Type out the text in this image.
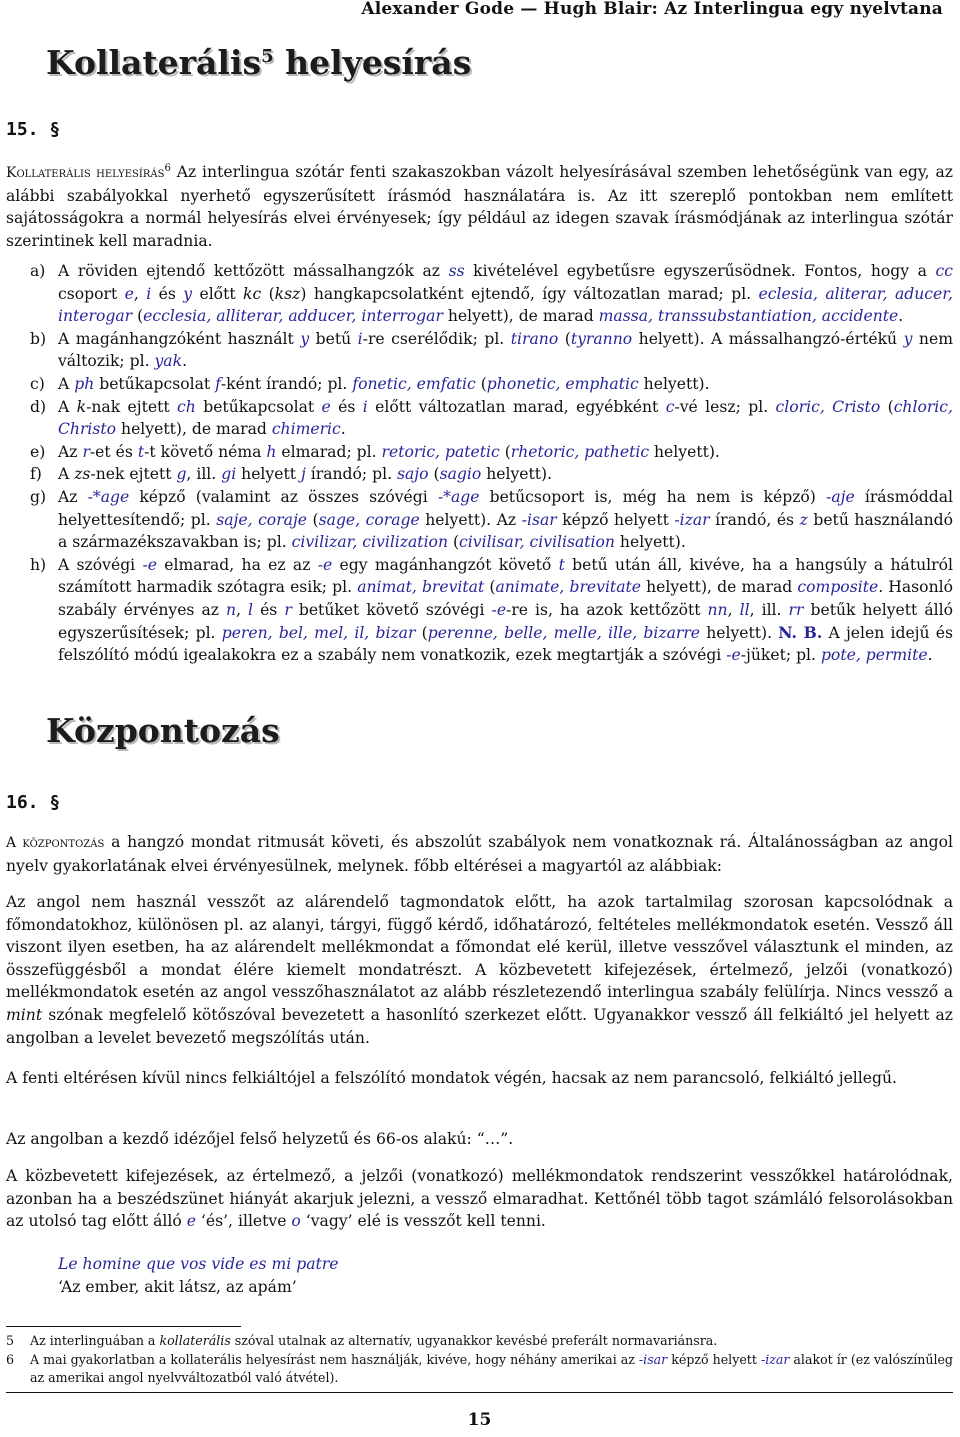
Alexander Gode — Hugh Blair: Az Interlingua egy nyelvtana
Kollaterális$^5$ helyesírás
15. §
Kollaterális helyesírás$^6$ Az interlingua szótár fenti szakaszokban vázolt helyesírásával szemben lehetőségünk van egy, az alábbi szabályokkal nyerhető egyszerűsített írásmód használatára is. Az itt szereplő pontokban nem említett sajátosságokra a normál helyesírás elvei érvényesek; így például az idegen szavak írásmódjának az interlingua szótár szerintinek kell maradnia.
a) A röviden ejtendő kettőzött mássalhangzók az ss kivételével egybetűsre egyszerűsödnek. Fontos, hogy a cc csoport e, i és y előtt kc (ksz) hangkapcsolatként ejtendő, így változatlan marad; pl. eclesia, aliterar, aducer, interogar (ecclesia, alliterar, adducer, interrogar helyett), de marad massa, transsubstantiation, accidente.
b) A magánhangzóként használt y betű i-re cserélődik; pl. tirano (tyranno helyett). A mássalhangzó-értékű y nem változik; pl. yak.
c) A ph betűkapcsolat f-ként írandó; pl. fonetic, emfatic (phonetic, emphatic helyett).
d) A k-nak ejtett ch betűkapcsolat e és i előtt változatlan marad, egyébként c-vé lesz; pl. cloric, Cristo (chloric, Christo helyett), de marad chimeric.
e) Az r-et és t-t követő néma h elmarad; pl. retoric, patetic (rhetoric, pathetic helyett).
f) A zs-nek ejtett g, ill. gi helyett j írandó; pl. sajo (sagio helyett).
g) Az -*age képző (valamint az összes szóvégi -*age betűcsoport is, még ha nem is képző) -aje írásmóddal helyettesítendő; pl. saje, coraje (sage, corage helyett). Az -isar képző helyett -izar írandó, és z betű használandó a származékszavakban is; pl. civilizar, civilization (civilisar, civilisation helyett).
h) A szóvégi -e elmarad, ha ez az -e egy magánhangzót követő t betű után áll, kivéve, ha a hangsúly a hátulról számított harmadik szótagra esik; pl. animat, brevitat (animate, brevitate helyett), de marad composite. Hasonló szabály érvényes az n, l és r betűket követő szóvégi -e-re is, ha azok kettőzött nn, ll, ill. rr betűk helyett álló egyszerűsítések; pl. peren, bel, mel, il, bizar (perenne, belle, melle, ille, bizarre helyett). N. B. A jelen idejű és felszólító módú igealakokra ez a szabály nem vonatkozik, ezek megtartják a szóvégi -e-jüket; pl. pote, permite.
Központozás
16. §
A központozás a hangzó mondat ritmusát követi, és abszolút szabályok nem vonatkoznak rá. Általánosságban az angol nyelv gyakorlatának elvei érvényesülnek, melynek. főbb eltérései a magyartól az alábbiak:
Az angol nem használ vesszőt az alárendelő tagmondatok előtt, ha azok tartalmilag szorosan kapcsolódnak a főmondatokhoz, különösen pl. az alanyi, tárgyi, függő kérdő, időhatározó, feltételes mellékmondatok esetén. Vessző áll viszont ilyen esetben, ha az alárendelt mellékmondat a főmondat elé kerül, illetve vesszővel választunk el minden, az összefüggésből a mondat élére kiemelt mondatrészt. A közbevetett kifejezések, értelmező, jelzői (vonatkozó) mellékmondatok esetén az angol vesszőhasználatot az alább részletezendő interlingua szabály felülírja. Nincs vessző a mint szónak megfelelő kötőszóval bevezetett a hasonlító szerkezet előtt. Ugyanakkor vessző áll felkiáltó jel helyett az angolban a levelet bevezető megszólítás után.
A fenti eltérésen kívül nincs felkiáltójel a felszólító mondatok végén, hacsak az nem parancsoló, felkiáltó jellegű.
Az angolban a kezdő idézőjel felső helyzetű és 66-os alakú: “…”.
A közbevetett kifejezések, az értelmező, a jelzői (vonatkozó) mellékmondatok rendszerint vesszőkkel határolódnak, azonban ha a beszédszünet hiányát akarjuk jelezni, a vessző elmaradhat. Kettőnél több tagot számláló felsorolásokban az utolsó tag előtt álló e ‘és’, illetve o ‘vagy’ elé is vesszőt kell tenni.
Le homine que vos vide es mi patre
‘Az ember, akit látsz, az apám’
5	Az interlinguában a kollaterális szóval utalnak az alternatív, ugyanakkor kevésbé preferált normavariánsra.
6	A mai gyakorlatban a kollaterális helyesírást nem használják, kivéve, hogy néhány amerikai az -isar képző helyett -izar alakot ír (ez valószínűleg az amerikai angol nyelvváltozatból való átvétel).
15
